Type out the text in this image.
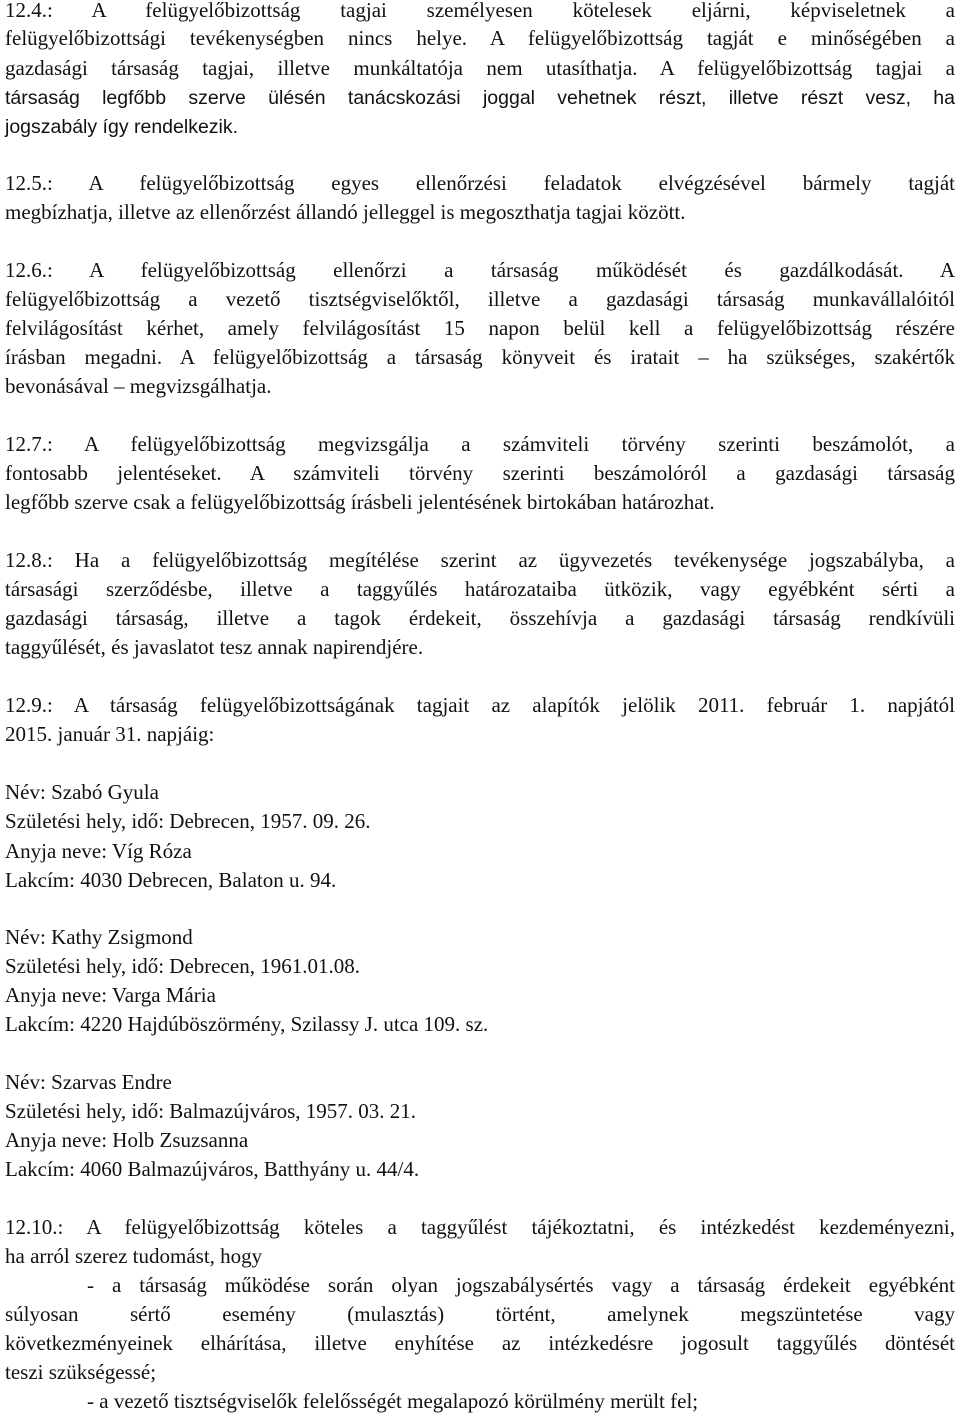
12.4.: A felügyelőbizottság tagjai személyesen kötelesek eljárni, képviseletnek a
felügyelőbizottsági tevékenységben nincs helye. A felügyelőbizottság tagját e minőségében a
gazdasági társaság tagjai, illetve munkáltatója nem utasíthatja. A felügyelőbizottság tagjai a
társaság legfőbb szerve ülésén tanácskozási joggal vehetnek részt, illetve részt vesz, ha
jogszabály így rendelkezik.
12.5.: A felügyelőbizottság egyes ellenőrzési feladatok elvégzésével bármely tagját
megbízhatja, illetve az ellenőrzést állandó jelleggel is megoszthatja tagjai között.
12.6.: A felügyelőbizottság ellenőrzi a társaság működését és gazdálkodását. A
felügyelőbizottság a vezető tisztségviselőktől, illetve a gazdasági társaság munkavállalóitól
felvilágosítást kérhet, amely felvilágosítást 15 napon belül kell a felügyelőbizottság részére
írásban megadni. A felügyelőbizottság a társaság könyveit és iratait – ha szükséges, szakértők
bevonásával – megvizsgálhatja.
12.7.: A felügyelőbizottság megvizsgálja a számviteli törvény szerinti beszámolót, a
fontosabb jelentéseket. A számviteli törvény szerinti beszámolóról a gazdasági társaság
legfőbb szerve csak a felügyelőbizottság írásbeli jelentésének birtokában határozhat.
12.8.: Ha a felügyelőbizottság megítélése szerint az ügyvezetés tevékenysége jogszabályba, a
társasági szerződésbe, illetve a taggyűlés határozataiba ütközik, vagy egyébként sérti a
gazdasági társaság, illetve a tagok érdekeit, összehívja a gazdasági társaság rendkívüli
taggyűlését, és javaslatot tesz annak napirendjére.
12.9.: A társaság felügyelőbizottságának tagjait az alapítók jelölik 2011. február 1. napjától
2015. január 31. napjáig:
Név: Szabó Gyula
Születési hely, idő: Debrecen, 1957. 09. 26.
Anyja neve: Víg Róza
Lakcím: 4030 Debrecen, Balaton u. 94.
Név: Kathy Zsigmond
Születési hely, idő: Debrecen, 1961.01.08.
Anyja neve: Varga Mária
Lakcím: 4220 Hajdúböszörmény, Szilassy J. utca 109. sz.
Név: Szarvas Endre
Születési hely, idő: Balmazújváros, 1957. 03. 21.
Anyja neve: Holb Zsuzsanna
Lakcím: 4060 Balmazújváros, Batthyány u. 44/4.
12.10.: A felügyelőbizottság köteles a taggyűlést tájékoztatni, és intézkedést kezdeményezni,
ha arról szerez tudomást, hogy
- a társaság működése során olyan jogszabálysértés vagy a társaság érdekeit egyébként
súlyosan sértő esemény (mulasztás) történt, amelynek megszüntetése vagy
következményeinek elhárítása, illetve enyhítése az intézkedésre jogosult taggyűlés döntését
teszi szükségessé;
- a vezető tisztségviselők felelősségét megalapozó körülmény merült fel;
